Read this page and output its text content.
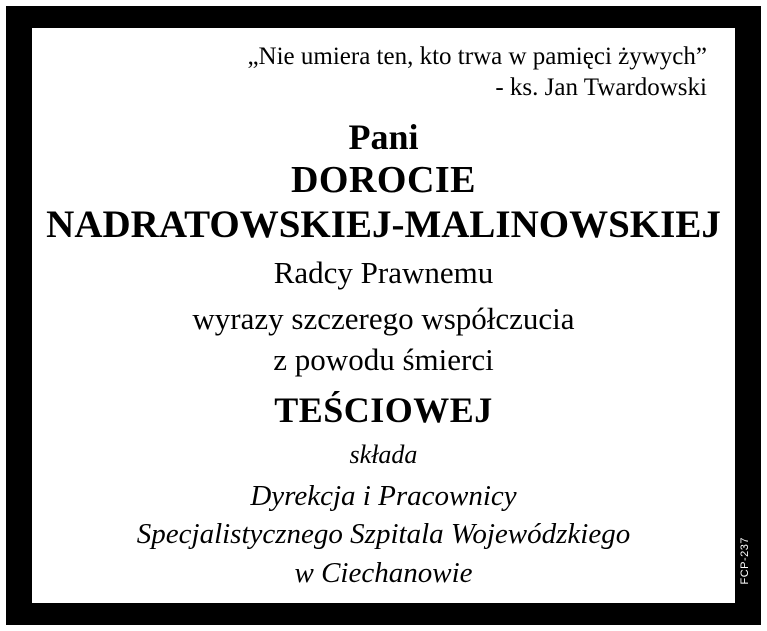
FCP-237
„Nie umiera ten, kto trwa w pamięci żywych”
- ks. Jan Twardowski
Pani
DOROCIE
NADRATOWSKIEJ-MALINOWSKIEJ
Radcy Prawnemu
wyrazy szczerego współczucia
z powodu śmierci
TEŚCIOWEJ
składa
Dyrekcja i Pracownicy
Specjalistycznego Szpitala Wojewódzkiego
w Ciechanowie
